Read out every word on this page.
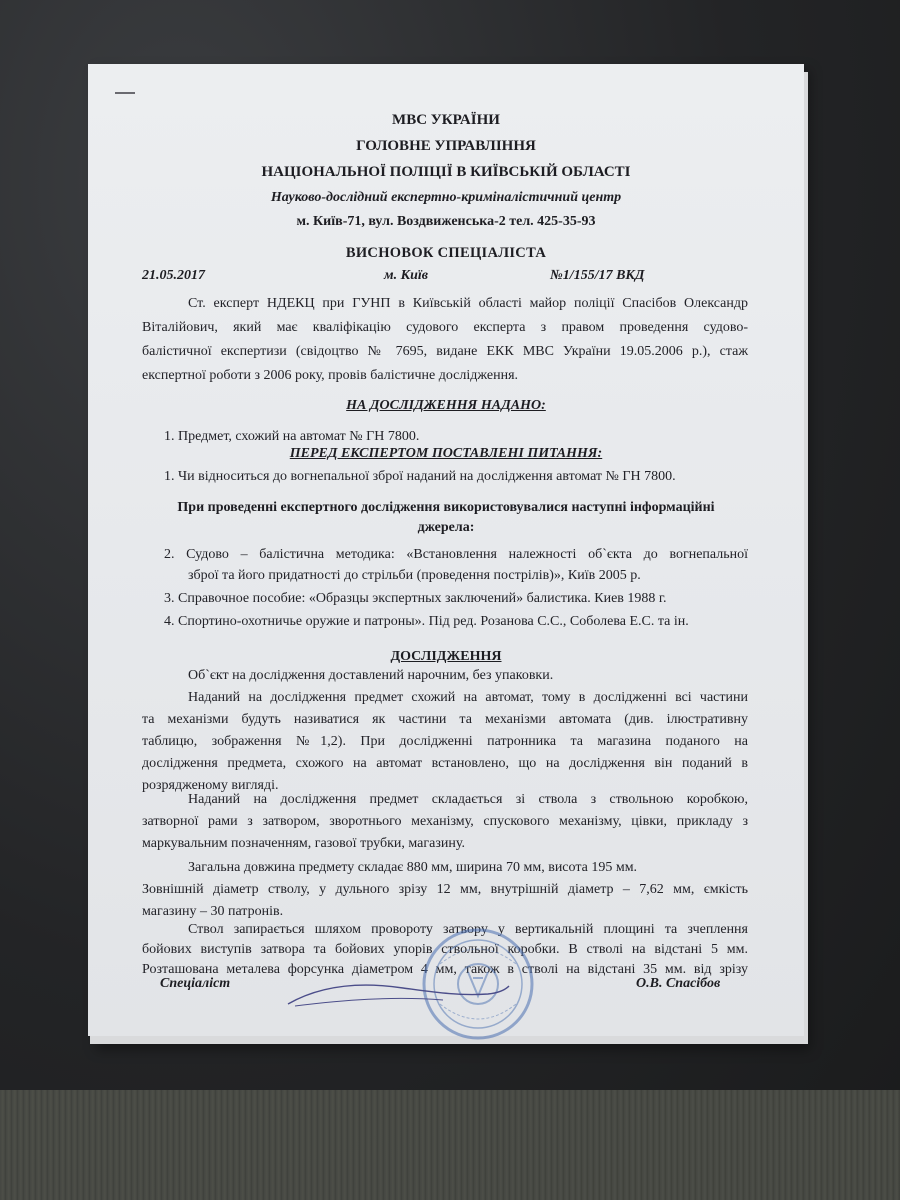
МВС УКРАЇНИ
ГОЛОВНЕ УПРАВЛІННЯ
НАЦІОНАЛЬНОЇ ПОЛІЦІЇ В КИЇВСЬКІЙ ОБЛАСТІ
Науково-дослідний експертно-криміналістичний центр
м. Київ-71, вул. Воздвиженська-2 тел. 425-35-93
ВИСНОВОК СПЕЦІАЛІСТА
21.05.2017	м. Київ	№1/155/17 ВКД
Ст. експерт НДЕКЦ при ГУНП в Київській області майор поліції Спасібов Олександр
Віталійович, який має кваліфікацію судового експерта з правом проведення судово-
балістичної експертизи (свідоцтво № 7695, видане ЕКК МВС України 19.05.2006 р.), стаж
експертної роботи з 2006 року, провів балістичне дослідження.
НА ДОСЛІДЖЕННЯ НАДАНО:
1. Предмет, схожий на автомат № ГН 7800.
ПЕРЕД ЕКСПЕРТОМ ПОСТАВЛЕНІ ПИТАННЯ:
1. Чи відноситься до вогнепальної зброї наданий на дослідження автомат № ГН 7800.
При проведенні експертного дослідження використовувалися наступні інформаційні
джерела:
2. Судово – балістична методика: «Встановлення належності об`єкта до вогнепальної
зброї та його придатності до стрільби (проведення пострілів)», Київ 2005 р.
3. Справочное пособие: «Образцы экспертных заключений» балистика. Киев 1988 г.
4. Спортино-охотничье оружие и патроны». Під ред. Розанова С.С., Соболева Е.С. та ін.
ДОСЛІДЖЕННЯ
Об`єкт на дослідження доставлений нарочним, без упаковки.
Наданий на дослідження предмет схожий на автомат, тому в дослідженні всі частини
та механізми будуть називатися як частини та механізми автомата (див. ілюстративну
таблицю, зображення №1,2). При дослідженні патронника та магазина поданого на
дослідження предмета, схожого на автомат встановлено, що на дослідження він поданий в
розрядженому вигляді.
Наданий на дослідження предмет складається зі ствола з ствольною коробкою,
затворної рами з затвором, зворотнього механізму, спускового механізму, цівки, прикладу з
маркувальним позначенням, газової трубки, магазину.
Загальна довжина предмету складає 880 мм, ширина 70 мм, висота 195 мм.
Зовнішній діаметр стволу, у дульного зрізу 12 мм, внутрішній діаметр – 7,62 мм, ємкість
магазину – 30 патронів.
Ствол запирається шляхом провороту затвору у вертикальній площині та зчеплення
бойових виступів затвора та бойових упорів ствольної коробки. В стволі на відстані 5 мм.
Розташована металева форсунка діаметром 4 мм, також в стволі на відстані 35 мм. від зрізу
Спеціаліст	О.В. Спасібов
